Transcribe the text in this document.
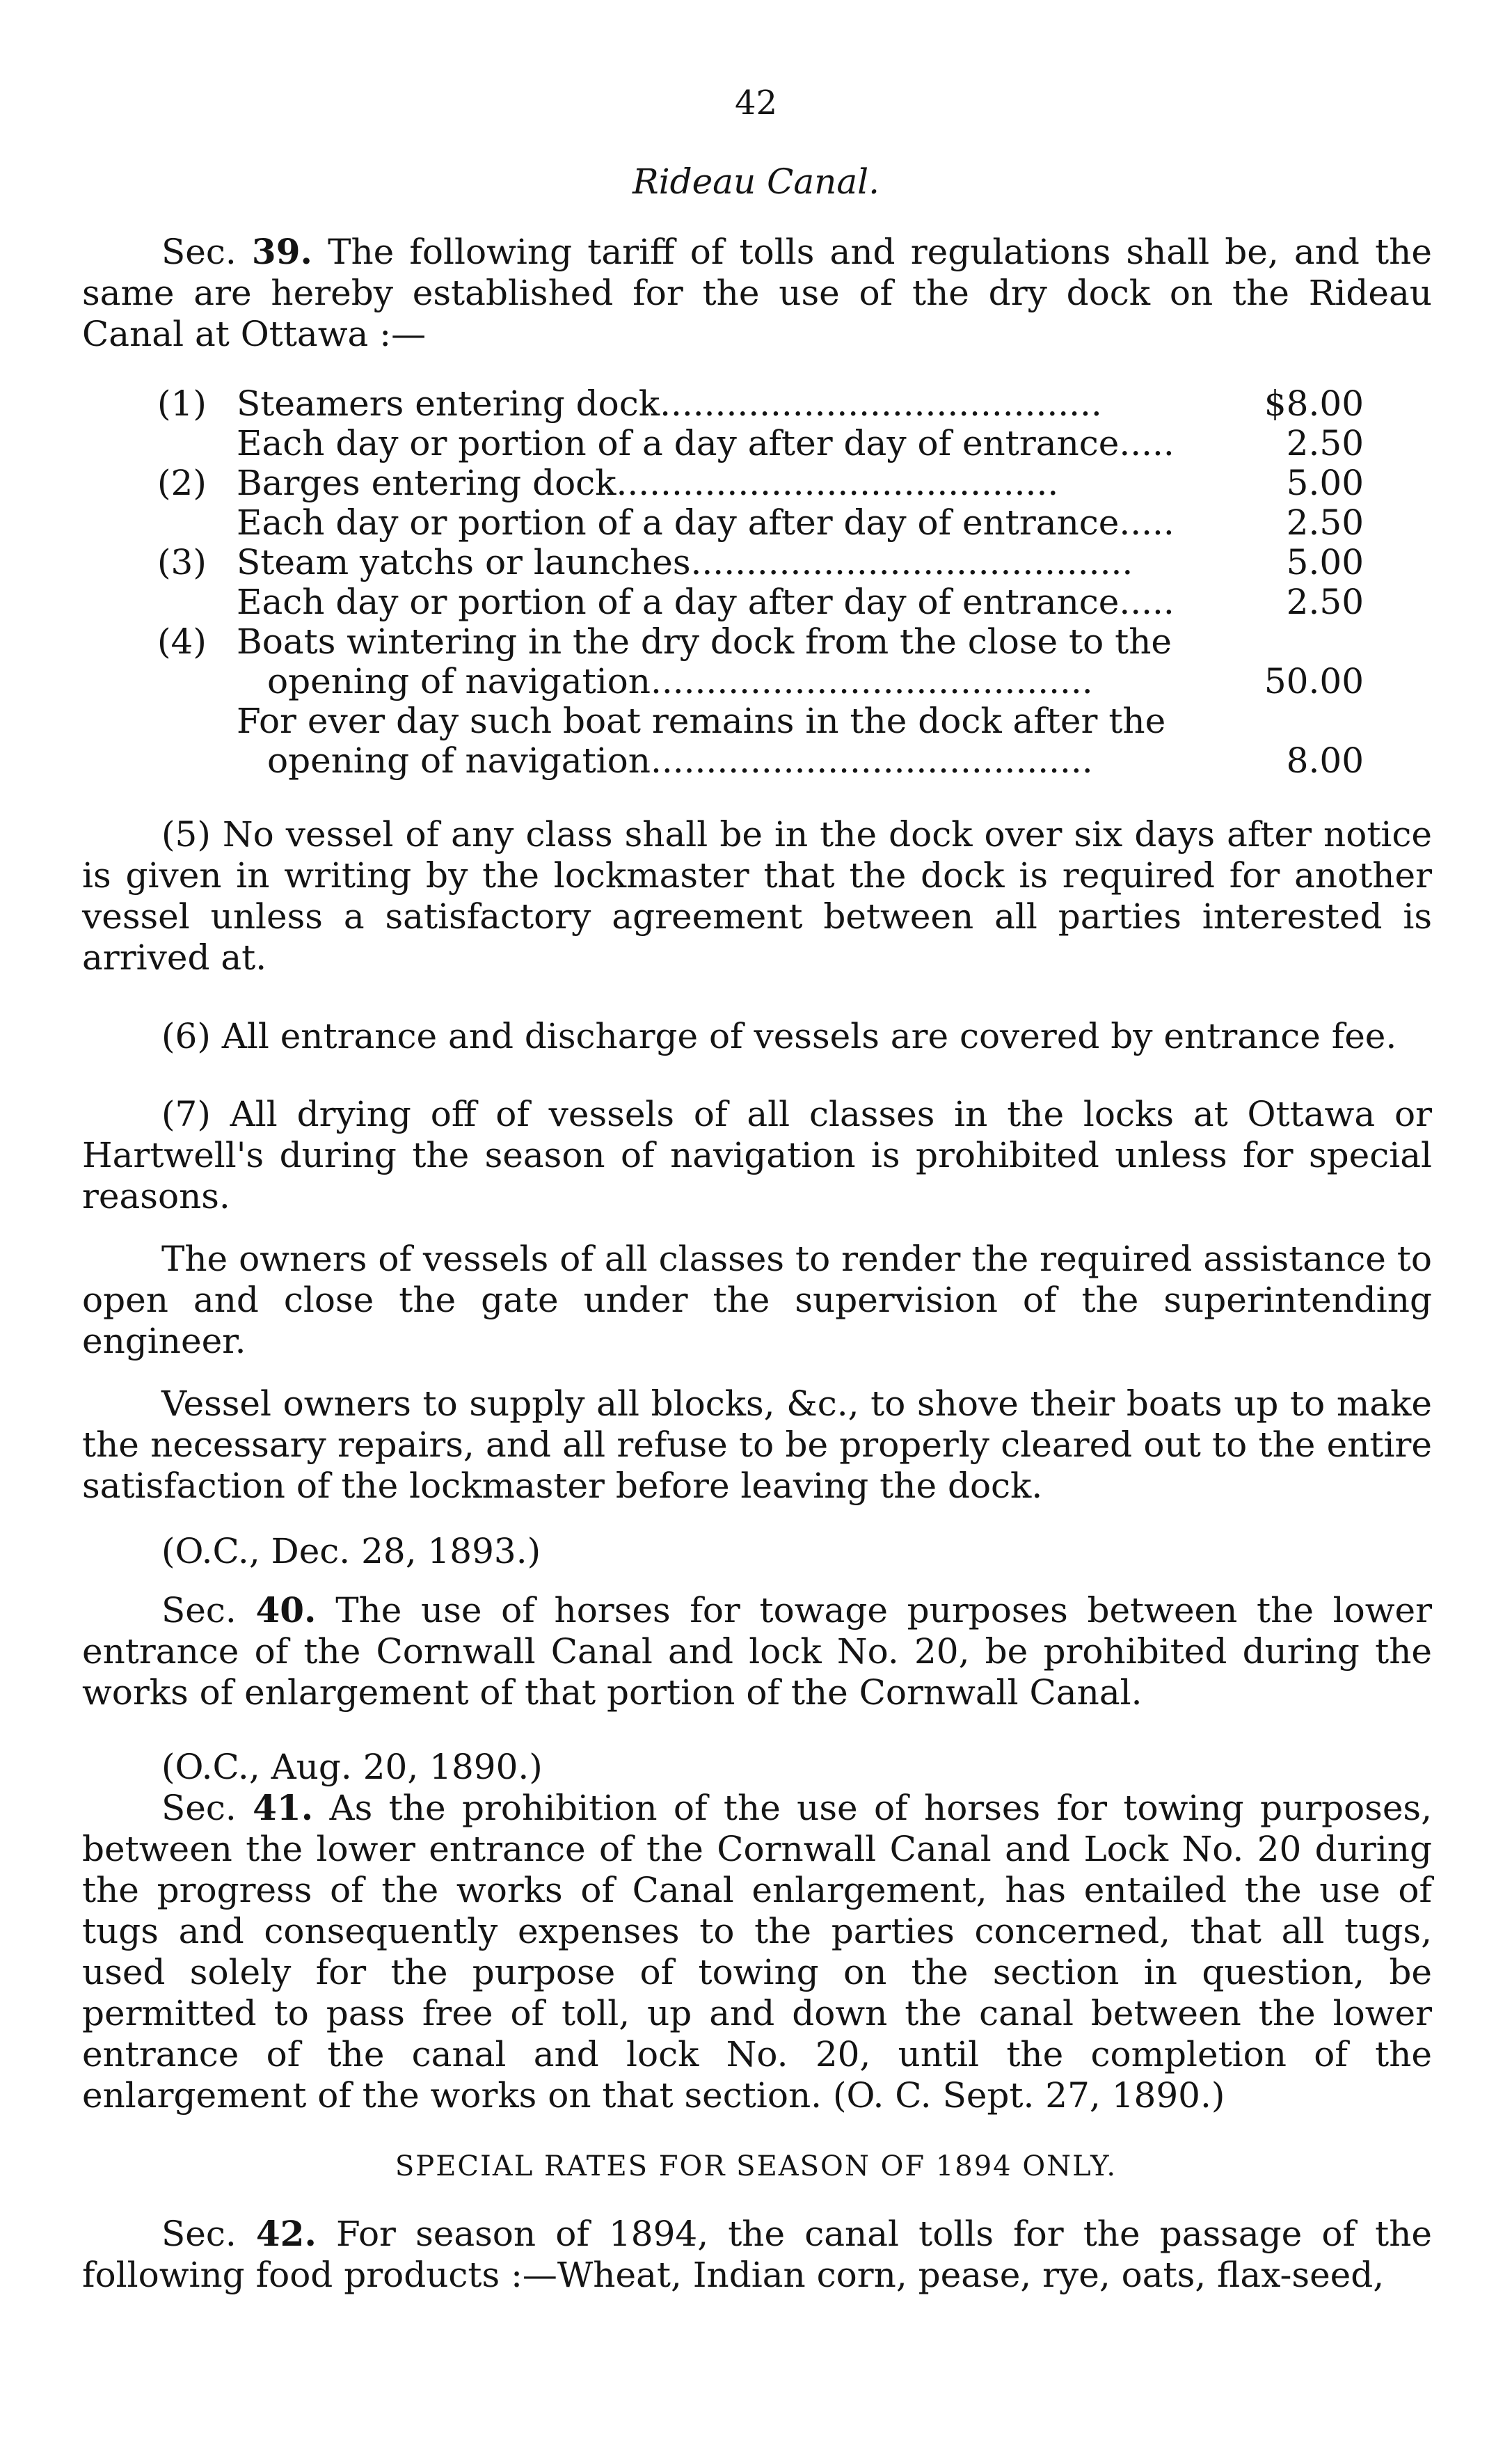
42
Rideau Canal.

Sec. 39. The following tariff of tolls and regulations shall be, and the same are hereby established for the use of the dry dock on the Rideau Canal at Ottawa :—

(1) Steamers entering dock........................................	$8.00
Each day or portion of a day after day of entrance.....	2.50
(2) Barges entering dock........................................	5.00
Each day or portion of a day after day of entrance.....	2.50
(3) Steam yatchs or launches........................................	5.00
Each day or portion of a day after day of entrance.....	2.50
(4) Boats wintering in the dry dock from the close to the
opening of navigation........................................	50.00
For ever day such boat remains in the dock after the
opening of navigation........................................	8.00

(5) No vessel of any class shall be in the dock over six days after notice is given in writing by the lockmaster that the dock is required for another vessel unless a satisfactory agreement between all parties interested is arrived at.

(6) All entrance and discharge of vessels are covered by entrance fee.

(7) All drying off of vessels of all classes in the locks at Ottawa or Hartwell's during the season of navigation is prohibited unless for special reasons.

The owners of vessels of all classes to render the required assistance to open and close the gate under the supervision of the superintending engineer.

Vessel owners to supply all blocks, &c., to shove their boats up to make the necessary repairs, and all refuse to be properly cleared out to the entire satisfaction of the lockmaster before leaving the dock.

(O.C., Dec. 28, 1893.)

Sec. 40. The use of horses for towage purposes between the lower entrance of the Cornwall Canal and lock No. 20, be prohibited during the works of enlargement of that portion of the Cornwall Canal.

(O.C., Aug. 20, 1890.)

Sec. 41. As the prohibition of the use of horses for towing purposes, between the lower entrance of the Cornwall Canal and Lock No. 20 during the progress of the works of Canal enlargement, has entailed the use of tugs and consequently expenses to the parties concerned, that all tugs, used solely for the purpose of towing on the section in question, be permitted to pass free of toll, up and down the canal between the lower entrance of the canal and lock No. 20, until the completion of the enlargement of the works on that section. (O. C. Sept. 27, 1890.)

SPECIAL RATES FOR SEASON OF 1894 ONLY.

Sec. 42. For season of 1894, the canal tolls for the passage of the following food products :—Wheat, Indian corn, pease, rye, oats, flax-seed,
